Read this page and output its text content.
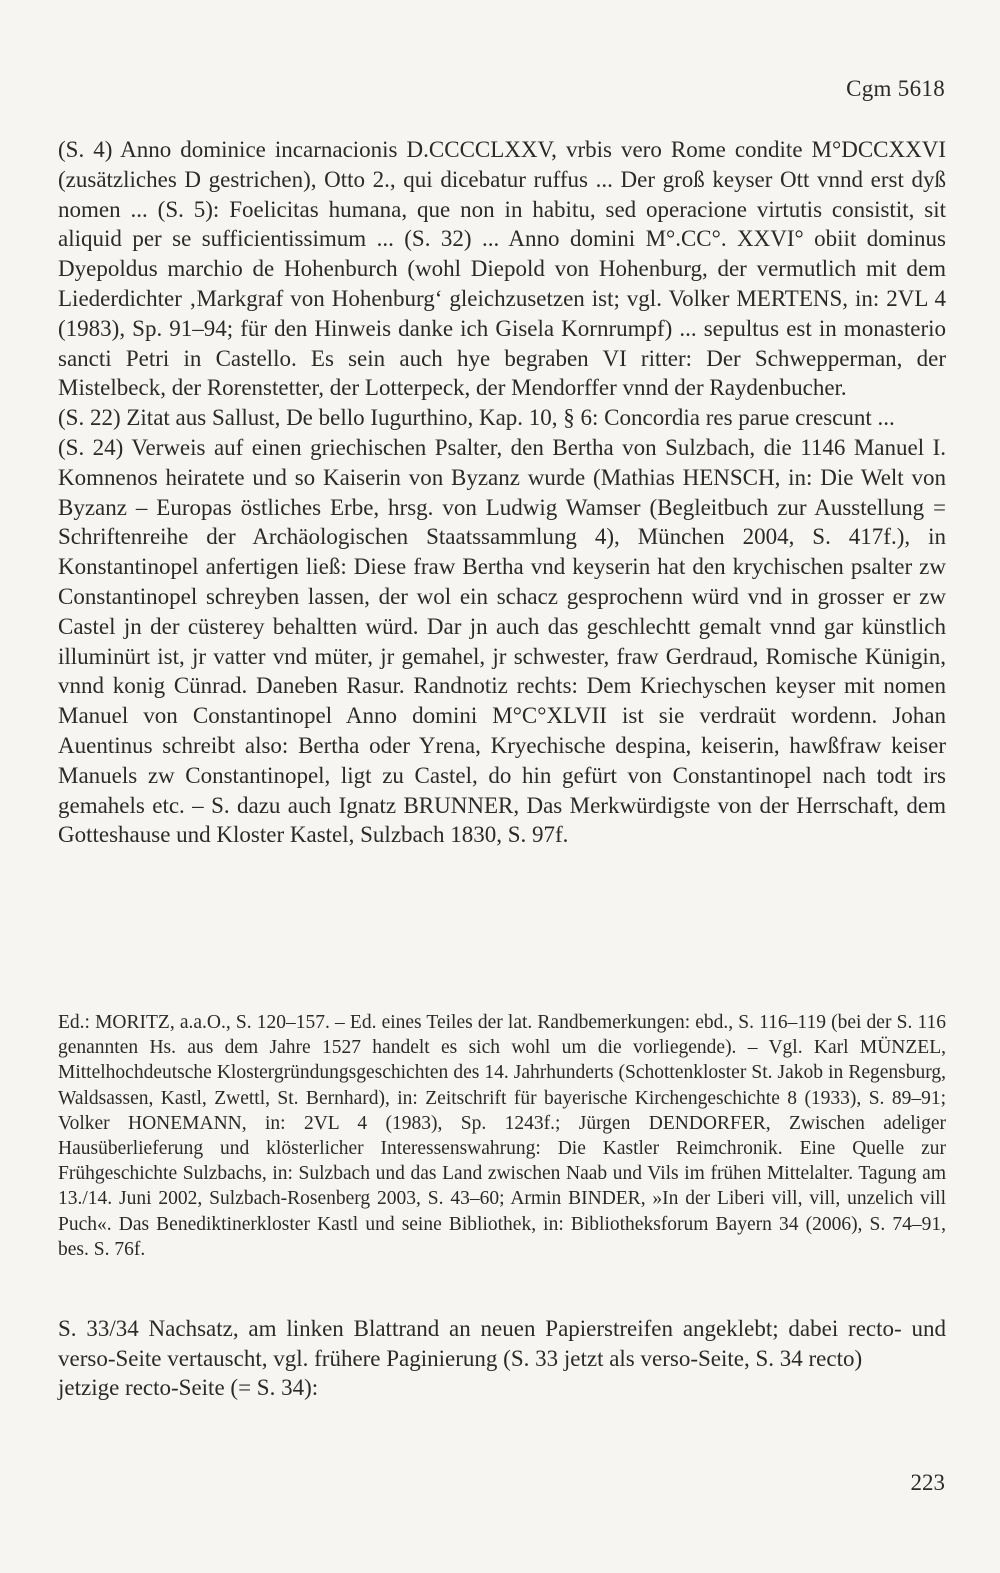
Cgm 5618

(S. 4) Anno dominice incarnacionis D.CCCCLXXV, vrbis vero Rome condite M°DCCXXVI (zusätzliches D gestrichen), Otto 2., qui dicebatur ruffus ... Der groß keyser Ott vnnd erst dyß nomen ... (S. 5): Foelicitas humana, que non in habitu, sed operacione virtutis consistit, sit aliquid per se sufficientissimum ... (S. 32) ... Anno domini M°.CC°. XXVI° obiit dominus Dyepoldus marchio de Hohenburch (wohl Diepold von Hohenburg, der vermutlich mit dem Liederdichter ‚Markgraf von Hohenburg‘ gleichzusetzen ist; vgl. Volker MERTENS, in: 2VL 4 (1983), Sp. 91–94; für den Hinweis danke ich Gisela Kornrumpf) ... sepultus est in monasterio sancti Petri in Castello. Es sein auch hye begraben VI ritter: Der Schwepperman, der Mistelbeck, der Rorenstetter, der Lotterpeck, der Mendorffer vnnd der Raydenbucher.

(S. 22) Zitat aus Sallust, De bello Iugurthino, Kap. 10, § 6: Concordia res parue crescunt ...

(S. 24) Verweis auf einen griechischen Psalter, den Bertha von Sulzbach, die 1146 Manuel I. Komnenos heiratete und so Kaiserin von Byzanz wurde (Mathias HENSCH, in: Die Welt von Byzanz – Europas östliches Erbe, hrsg. von Ludwig Wamser (Begleitbuch zur Ausstellung = Schriftenreihe der Archäologischen Staatssammlung 4), München 2004, S. 417f.), in Konstantinopel anfertigen ließ: Diese fraw Bertha vnd keyserin hat den krychischen psalter zw Constantinopel schreyben lassen, der wol ein schacz gesprochenn würd vnd in grosser er zw Castel jn der cüsterey behaltten würd. Dar jn auch das geschlechtt gemalt vnnd gar künstlich illuminürt ist, jr vatter vnd müter, jr gemahel, jr schwester, fraw Gerdraud, Romische Künigin, vnnd konig Cünrad. Daneben Rasur. Randnotiz rechts: Dem Kriechyschen keyser mit nomen Manuel von Constantinopel Anno domini M°C°XLVII ist sie verdraüt wordenn. Johan Auentinus schreibt also: Bertha oder Yrena, Kryechische despina, keiserin, hawßfraw keiser Manuels zw Constantinopel, ligt zu Castel, do hin gefürt von Constantinopel nach todt irs gemahels etc. – S. dazu auch Ignatz BRUNNER, Das Merkwürdigste von der Herrschaft, dem Gotteshause und Kloster Kastel, Sulzbach 1830, S. 97f.

Ed.: MORITZ, a.a.O., S. 120–157. – Ed. eines Teiles der lat. Randbemerkungen: ebd., S. 116–119 (bei der S. 116 genannten Hs. aus dem Jahre 1527 handelt es sich wohl um die vorliegende). – Vgl. Karl MÜNZEL, Mittelhochdeutsche Klostergründungsgeschichten des 14. Jahrhunderts (Schottenkloster St. Jakob in Regensburg, Waldsassen, Kastl, Zwettl, St. Bernhard), in: Zeitschrift für bayerische Kirchengeschichte 8 (1933), S. 89–91; Volker HONEMANN, in: 2VL 4 (1983), Sp. 1243f.; Jürgen DENDORFER, Zwischen adeliger Hausüberlieferung und klösterlicher Interessenswahrung: Die Kastler Reimchronik. Eine Quelle zur Frühgeschichte Sulzbachs, in: Sulzbach und das Land zwischen Naab und Vils im frühen Mittelalter. Tagung am 13./14. Juni 2002, Sulzbach-Rosenberg 2003, S. 43–60; Armin BINDER, »In der Liberi vill, vill, unzelich vill Puch«. Das Benediktinerkloster Kastl und seine Bibliothek, in: Bibliotheksforum Bayern 34 (2006), S. 74–91, bes. S. 76f.

S. 33/34 Nachsatz, am linken Blattrand an neuen Papierstreifen angeklebt; dabei recto- und verso-Seite vertauscht, vgl. frühere Paginierung (S. 33 jetzt als verso-Seite, S. 34 recto)

jetzige recto-Seite (= S. 34):

223
